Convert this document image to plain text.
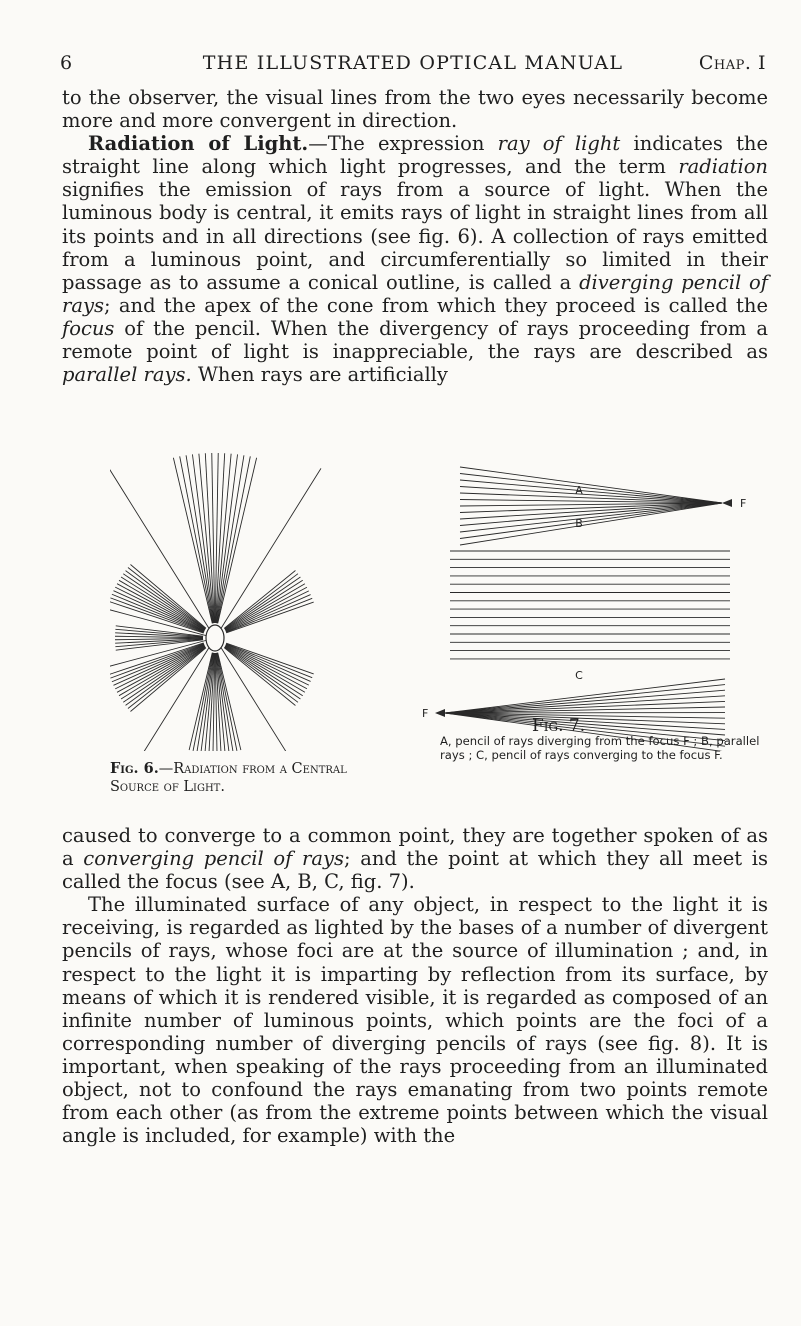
6	THE ILLUSTRATED OPTICAL MANUAL	Chap. I

to the observer, the visual lines from the two eyes necessarily become more and more convergent in direction.

Radiation of Light.—The expression ray of light indicates the straight line along which light progresses, and the term radiation signifies the emission of rays from a source of light. When the luminous body is central, it emits rays of light in straight lines from all its points and in all directions (see fig. 6). A collection of rays emitted from a luminous point, and circumferentially so limited in their passage as to assume a conical outline, is called a diverging pencil of rays; and the apex of the cone from which they proceed is called the focus of the pencil. When the divergency of rays proceeding from a remote point of light is inappreciable, the rays are described as parallel rays. When rays are artificially

Fig. 6.—Radiation from a Central Source of Light.
A
F
B
C
F
Fig. 7.
A, pencil of rays diverging from the focus F ; B, parallel rays ; C, pencil of rays converging to the focus F.

caused to converge to a common point, they are together spoken of as a converging pencil of rays; and the point at which they all meet is called the focus (see A, B, C, fig. 7).

The illuminated surface of any object, in respect to the light it is receiving, is regarded as lighted by the bases of a number of divergent pencils of rays, whose foci are at the source of illumination ; and, in respect to the light it is imparting by reflection from its surface, by means of which it is rendered visible, it is regarded as composed of an infinite number of luminous points, which points are the foci of a corresponding number of diverging pencils of rays (see fig. 8). It is important, when speaking of the rays proceeding from an illuminated object, not to confound the rays emanating from two points remote from each other (as from the extreme points between which the visual angle is included, for example) with the
